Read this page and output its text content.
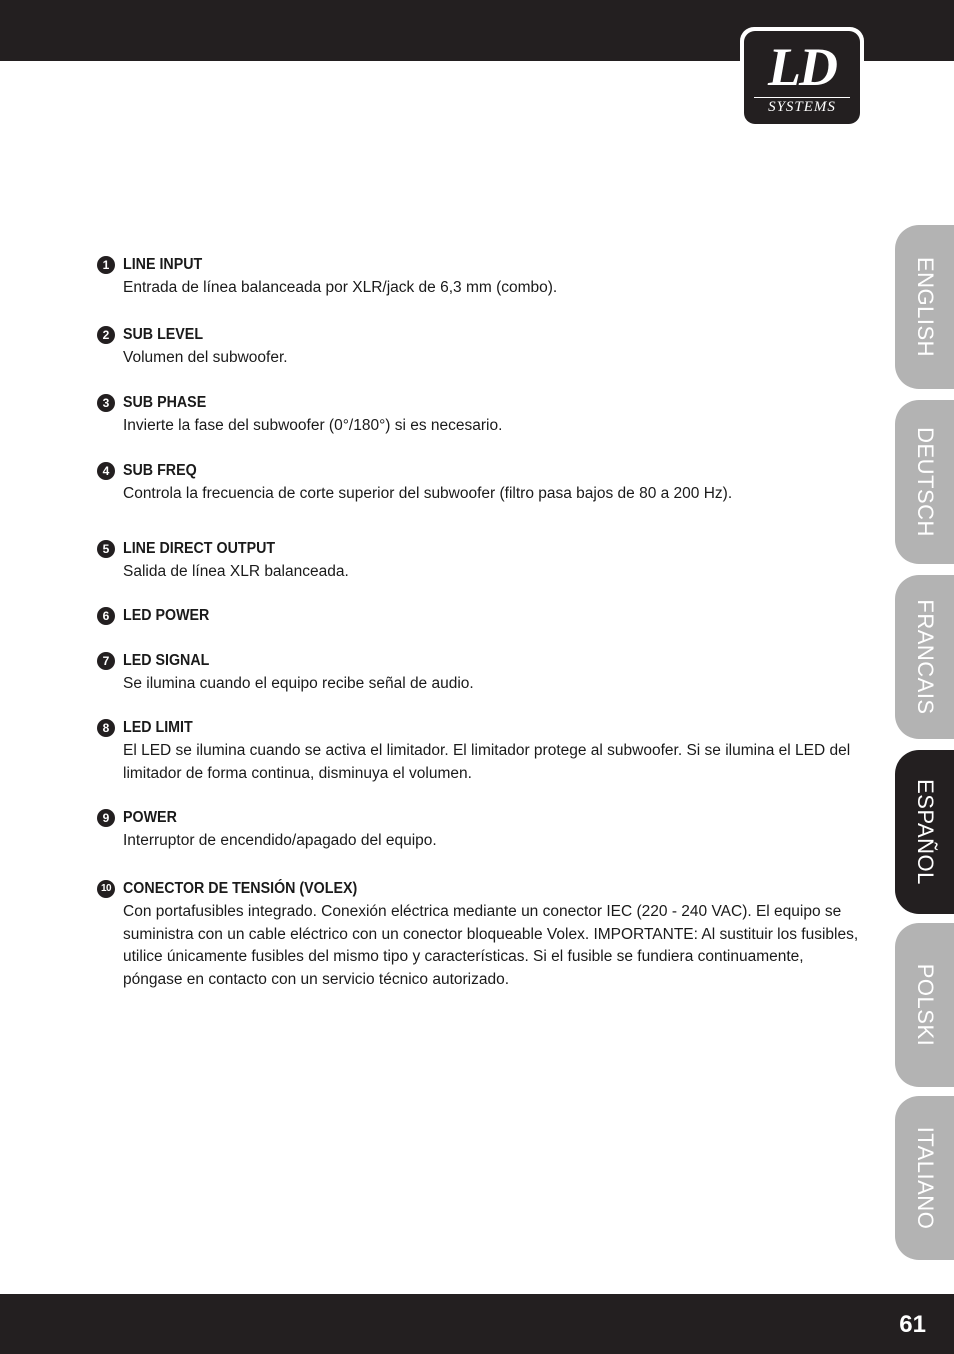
LD
SYSTEMS
1 LINE INPUT
Entrada de línea balanceada por XLR/jack de 6,3 mm (combo).
2 SUB LEVEL
Volumen del subwoofer.
3 SUB PHASE
Invierte la fase del subwoofer (0°/180°) si es necesario.
4 SUB FREQ
Controla la frecuencia de corte superior del subwoofer (filtro pasa bajos de 80 a 200 Hz).
5 LINE DIRECT OUTPUT
Salida de línea XLR balanceada.
6 LED POWER
7 LED SIGNAL
Se ilumina cuando el equipo recibe señal de audio.
8 LED LIMIT
El LED se ilumina cuando se activa el limitador. El limitador protege al subwoofer. Si se ilumina el LED del limitador de forma continua, disminuya el volumen.
9 POWER
Interruptor de encendido/apagado del equipo.
10 CONECTOR DE TENSIÓN (VOLEX)
Con portafusibles integrado. Conexión eléctrica mediante un conector IEC (220 - 240 VAC). El equipo se suministra con un cable eléctrico con un conector bloqueable Volex. IMPORTANTE: Al sustituir los fusibles, utilice únicamente fusibles del mismo tipo y características. Si el fusible se fundiera continuamente, póngase en contacto con un servicio técnico autorizado.
ENGLISH
DEUTSCH
FRANCAIS
ESPAÑOL
POLSKI
ITALIANO
61
